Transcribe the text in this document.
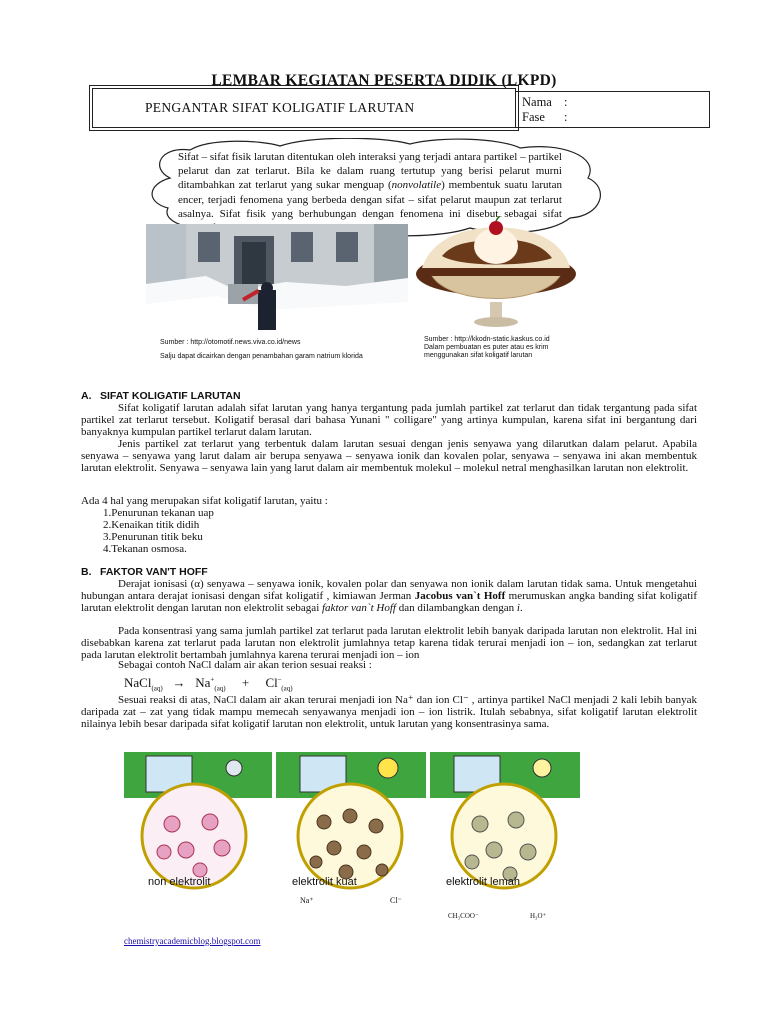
LEMBAR KEGIATAN PESERTA DIDIK (LKPD)
PENGANTAR SIFAT KOLIGATIF LARUTAN	Nama :
Fase :
Sifat – sifat fisik larutan ditentukan oleh interaksi yang terjadi antara partikel – partikel pelarut dan zat terlarut. Bila ke dalam ruang tertutup yang berisi pelarut murni ditambahkan zat terlarut yang sukar menguap (nonvolatile) membentuk suatu larutan encer, terjadi fenomena yang berbeda dengan sifat – sifat pelarut maupun zat terlarut asalnya. Sifat fisik yang berhubungan dengan fenomena ini disebut sebagai sifat
Sumber : http://otomotif.news.viva.co.id/news
Salju dapat dicairkan dengan penambahan garam natrium klorida
Sumber : http://kkodn-static.kaskus.co.id
Dalam pembuatan es puter atau es krim menggunakan sifat koligatif larutan
A. SIFAT KOLIGATIF LARUTAN
Sifat koligatif larutan adalah sifat larutan yang hanya tergantung pada jumlah partikel zat terlarut dan tidak tergantung pada sifat partikel zat terlarut tersebut. Koligatif berasal dari bahasa Yunani " colligare" yang artinya kumpulan, karena sifat ini bergantung dari banyaknya kumpulan partikel terlarut dalam larutan.
Jenis partikel zat terlarut yang terbentuk dalam larutan sesuai dengan jenis senyawa yang dilarutkan dalam pelarut. Apabila senyawa – senyawa yang larut dalam air berupa senyawa – senyawa ionik dan kovalen polar, senyawa – senyawa ini akan membentuk larutan elektrolit. Senyawa – senyawa lain yang larut dalam air membentuk molekul – molekul netral menghasilkan larutan non elektrolit.
Ada 4 hal yang merupakan sifat koligatif larutan, yaitu :
1.Penurunan tekanan uap
2.Kenaikan titik didih
3.Penurunan titik beku
4.Tekanan osmosa.
B. FAKTOR VAN'T HOFF
Derajat ionisasi (α) senyawa – senyawa ionik, kovalen polar dan senyawa non ionik dalam larutan tidak sama. Untuk mengetahui hubungan antara derajat ionisasi dengan sifat koligatif , kimiawan Jerman Jacobus van`t Hoff merumuskan angka banding sifat koligatif larutan elektrolit dengan larutan non elektrolit sebagai faktor van`t Hoff dan dilambangkan dengan i.
Pada konsentrasi yang sama jumlah partikel zat terlarut pada larutan elektrolit lebih banyak daripada larutan non elektrolit. Hal ini disebabkan karena zat terlarut pada larutan non elektrolit jumlahnya tetap karena tidak terurai menjadi ion – ion, sedangkan zat terlarut pada larutan elektrolit bertambah jumlahnya karena terurai menjadi ion – ion
Sebagai contoh NaCl dalam air akan terion sesuai reaksi :
NaCl$_{(aq)}$ → $Na^+_{(aq)} + Cl^-_{(aq)}$
Sesuai reaksi di atas, NaCl dalam air akan terurai menjadi ion Na⁺ dan ion Cl⁻ , artinya partikel NaCl menjadi 2 kali lebih banyak daripada zat – zat yang tidak mampu memecah senyawanya menjadi ion – ion listrik. Itulah sebabnya, sifat koligatif larutan elektrolit nilainya lebih besar daripada sifat koligatif larutan non elektrolit, untuk larutan yang konsentrasinya sama.
non elektrolit	elektrolit kuat	elektrolit lemah
Na⁺	Cl⁻
CH₃COO⁻	H₃O⁺
chemistryacademicblog.blogspot.com
